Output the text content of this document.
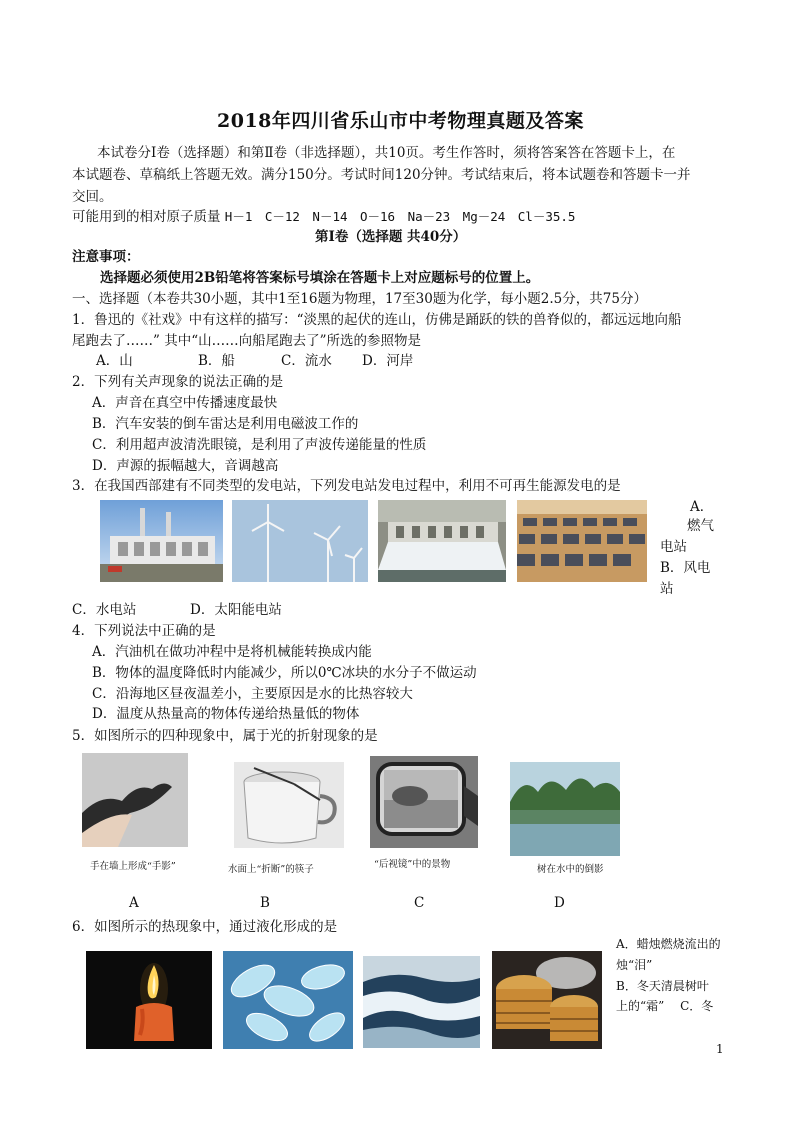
2018年四川省乐山市中考物理真题及答案
本试卷分Ⅰ卷（选择题）和第Ⅱ卷（非选择题），共10页。考生作答时，须将答案答在答题卡上，在
本试题卷、草稿纸上答题无效。满分150分。考试时间120分钟。考试结束后，将本试题卷和答题卡一并
交回。
可能用到的相对原子质量 H－1　C－12　N－14　O－16　Na－23　Mg－24　Cl－35.5
第Ⅰ卷（选择题 共40分）
注意事项：
选择题必须使用2B铅笔将答案标号填涂在答题卡上对应题标号的位置上。
一、选择题（本卷共30小题，其中1至16题为物理，17至30题为化学，每小题2.5分，共75分）
1．鲁迅的《社戏》中有这样的描写：“淡黑的起伏的连山，仿佛是踊跃的铁的兽脊似的，都远远地向船
尾跑去了……” 其中“山……向船尾跑去了”所选的参照物是
A．山	B．船	C．流水 D．河岸
2．下列有关声现象的说法正确的是
A．声音在真空中传播速度最快
B．汽车安装的倒车雷达是利用电磁波工作的
C．利用超声波清洗眼镜，是利用了声波传递能量的性质
D．声源的振幅越大，音调越高
3．在我国西部建有不同类型的发电站，下列发电站发电过程中，利用不可再生能源发电的是
A．
燃气
电站
B．风电
站
C．水电站	D．太阳能电站
4．下列说法中正确的是
A．汽油机在做功冲程中是将机械能转换成内能
B．物体的温度降低时内能减少，所以0℃冰块的水分子不做运动
C．沿海地区昼夜温差小，主要原因是水的比热容较大
D．温度从热量高的物体传递给热量低的物体
5．如图所示的四种现象中，属于光的折射现象的是
手在墙上形成“手影”	水面上“折断”的筷子	“后视镜”中的景物	树在水中的倒影
A	B	C	D
6．如图所示的热现象中，通过液化形成的是
A．蜡烛燃烧流出的
烛“泪”
B．冬天清晨树叶
上的“霜”　 C．冬
1
